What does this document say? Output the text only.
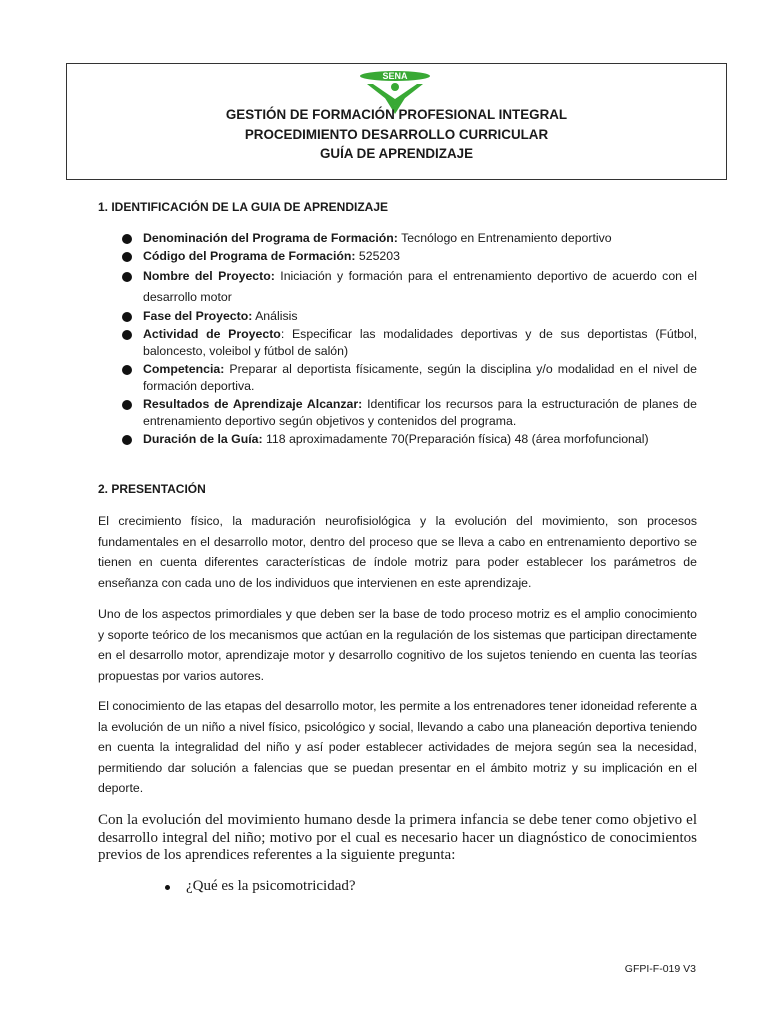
SENA
GESTIÓN DE FORMACIÓN PROFESIONAL INTEGRAL
PROCEDIMIENTO DESARROLLO CURRICULAR
GUÍA DE APRENDIZAJE
1. IDENTIFICACIÓN DE LA GUIA DE APRENDIZAJE
Denominación del Programa de Formación: Tecnólogo en Entrenamiento deportivo
Código del Programa de Formación: 525203
Nombre del Proyecto: Iniciación y formación para el entrenamiento deportivo de acuerdo con el desarrollo motor
Fase del Proyecto: Análisis
Actividad de Proyecto: Especificar las modalidades deportivas y de sus deportistas (Fútbol, baloncesto, voleibol y fútbol de salón)
Competencia: Preparar al deportista físicamente, según la disciplina y/o modalidad en el nivel de formación deportiva.
Resultados de Aprendizaje Alcanzar: Identificar los recursos para la estructuración de planes de entrenamiento deportivo según objetivos y contenidos del programa.
Duración de la Guía: 118 aproximadamente 70(Preparación física) 48 (área morfofuncional)
2. PRESENTACIÓN

El crecimiento físico, la maduración neurofisiológica y la evolución del movimiento, son procesos fundamentales en el desarrollo motor, dentro del proceso que se lleva a cabo en entrenamiento deportivo se tienen en cuenta diferentes características de índole motriz para poder establecer los parámetros de enseñanza con cada uno de los individuos que intervienen en este aprendizaje.

Uno de los aspectos primordiales y que deben ser la base de todo proceso motriz es el amplio conocimiento y soporte teórico de los mecanismos que actúan en la regulación de los sistemas que participan directamente en el desarrollo motor, aprendizaje motor y desarrollo cognitivo de los sujetos teniendo en cuenta las teorías propuestas por varios autores.

El conocimiento de las etapas del desarrollo motor, les permite a los entrenadores tener idoneidad referente a la evolución de un niño a nivel físico, psicológico y social, llevando a cabo una planeación deportiva teniendo en cuenta la integralidad del niño y así poder establecer actividades de mejora según sea la necesidad, permitiendo dar solución a falencias que se puedan presentar en el ámbito motriz y su implicación en el deporte.

Con la evolución del movimiento humano desde la primera infancia se debe tener como objetivo el desarrollo integral del niño; motivo por el cual es necesario hacer un diagnóstico de conocimientos previos de los aprendices referentes a la siguiente pregunta:

¿Qué es la psicomotricidad?
GFPI-F-019 V3
